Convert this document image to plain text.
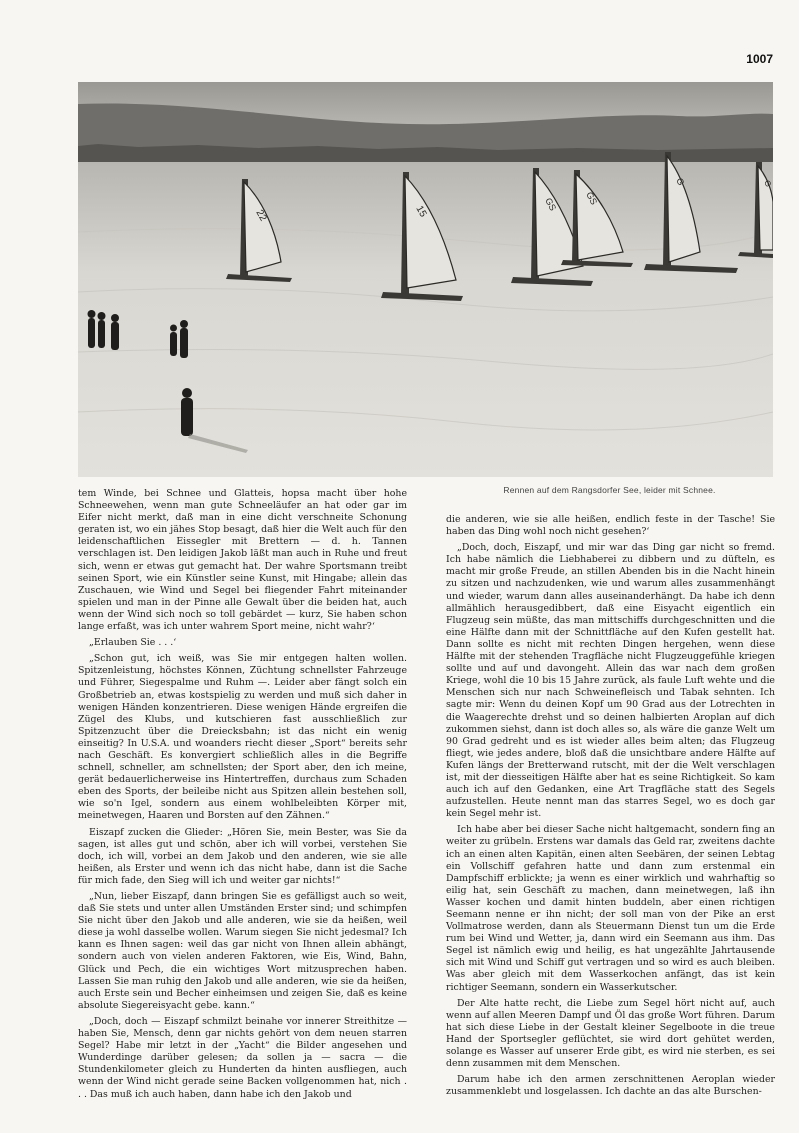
1007
22	15	GS	GS
G	G
Rennen auf dem Rangsdorfer See, leider mit Schnee.

tem Winde, bei Schnee und Glatteis, hopsa macht über hohe Schneewehen, wenn man gute Schneeläufer an hat oder gar im Eifer nicht merkt, daß man in eine dicht verschneite Schonung geraten ist, wo ein jähes Stop besagt, daß hier die Welt auch für den leidenschaftlichen Eissegler mit Brettern — d. h. Tannen verschlagen ist. Den leidigen Jakob läßt man auch in Ruhe und freut sich, wenn er etwas gut gemacht hat. Der wahre Sportsmann treibt seinen Sport, wie ein Künstler seine Kunst, mit Hingabe; allein das Zuschauen, wie Wind und Segel bei fliegender Fahrt miteinander spielen und man in der Pinne alle Gewalt über die beiden hat, auch wenn der Wind sich noch so toll gebärdet — kurz, Sie haben schon lange erfaßt, was ich unter wahrem Sport meine, nicht wahr?‘

„Erlauben Sie . . .‘

„Schon gut, ich weiß, was Sie mir entgegen halten wollen. Spitzenleistung, höchstes Können, Züchtung schnellster Fahrzeuge und Führer, Siegespalme und Ruhm —. Leider aber fängt solch ein Großbetrieb an, etwas kostspielig zu werden und muß sich daher in wenigen Händen konzentrieren. Diese wenigen Hände ergreifen die Zügel des Klubs, und kutschieren fast ausschließlich zur Spitzenzucht über die Dreiecksbahn; ist das nicht ein wenig einseitig? In U.S.A. und woanders riecht dieser „Sport“ bereits sehr nach Geschäft. Es konvergiert schließlich alles in die Begriffe schnell, schneller, am schnellsten; der Sport aber, den ich meine, gerät bedauerlicherweise ins Hintertreffen, durchaus zum Schaden eben des Sports, der beileibe nicht aus Spitzen allein bestehen soll, wie so'n Igel, sondern aus einem wohlbeleibten Körper mit, meinetwegen, Haaren und Borsten auf den Zähnen.“

Eiszapf zucken die Glieder: „Hören Sie, mein Bester, was Sie da sagen, ist alles gut und schön, aber ich will vorbei, verstehen Sie doch, ich will, vorbei an dem Jakob und den anderen, wie sie alle heißen, als Erster und wenn ich das nicht habe, dann ist die Sache für mich fade, den Sieg will ich und weiter gar nichts!“

„Nun, lieber Eiszapf, dann bringen Sie es gefälligst auch so weit, daß Sie stets und unter allen Umständen Erster sind; und schimpfen Sie nicht über den Jakob und alle anderen, wie sie da heißen, weil diese ja wohl dasselbe wollen. Warum siegen Sie nicht jedesmal? Ich kann es Ihnen sagen: weil das gar nicht von Ihnen allein abhängt, sondern auch von vielen anderen Faktoren, wie Eis, Wind, Bahn, Glück und Pech, die ein wichtiges Wort mitzusprechen haben. Lassen Sie man ruhig den Jakob und alle anderen, wie sie da heißen, auch Erste sein und Becher einheimsen und zeigen Sie, daß es keine absolute Siegereisyacht gebe. kann.“

„Doch, doch — Eiszapf schmilzt beinahe vor innerer Streithitze — haben Sie, Mensch, denn gar nichts gehört von dem neuen starren Segel? Habe mir letzt in der „Yacht“ die Bilder angesehen und Wunderdinge darüber gelesen; da sollen ja — sacra — die Stundenkilometer gleich zu Hunderten da hinten ausfliegen, auch wenn der Wind nicht gerade seine Backen vollgenommen hat, nich . . . Das muß ich auch haben, dann habe ich den Jakob und

die anderen, wie sie alle heißen, endlich feste in der Tasche! Sie haben das Ding wohl noch nicht gesehen?‘

„Doch, doch, Eiszapf, und mir war das Ding gar nicht so fremd. Ich habe nämlich die Liebhaberei zu dibbern und zu düfteln, es macht mir große Freude, an stillen Abenden bis in die Nacht hinein zu sitzen und nachzudenken, wie und warum alles zusammenhängt und wieder, warum dann alles auseinanderhängt. Da habe ich denn allmählich herausgedibbert, daß eine Eisyacht eigentlich ein Flugzeug sein müßte, das man mittschiffs durchgeschnitten und die eine Hälfte dann mit der Schnittfläche auf den Kufen gestellt hat. Dann sollte es nicht mit rechten Dingen hergehen, wenn diese Hälfte mit der stehenden Tragfläche nicht Flugzeuggefühle kriegen sollte und auf und davongeht. Allein das war nach dem großen Kriege, wohl die 10 bis 15 Jahre zurück, als faule Luft wehte und die Menschen sich nur nach Schweinefleisch und Tabak sehnten. Ich sagte mir: Wenn du deinen Kopf um 90 Grad aus der Lotrechten in die Waagerechte drehst und so deinen halbierten Aroplan auf dich zukommen siehst, dann ist doch alles so, als wäre die ganze Welt um 90 Grad gedreht und es ist wieder alles beim alten; das Flugzeug fliegt, wie jedes andere, bloß daß die unsichtbare andere Hälfte auf Kufen längs der Bretterwand rutscht, mit der die Welt verschlagen ist, mit der diesseitigen Hälfte aber hat es seine Richtigkeit. So kam auch ich auf den Gedanken, eine Art Tragfläche statt des Segels aufzustellen. Heute nennt man das starres Segel, wo es doch gar kein Segel mehr ist.

Ich habe aber bei dieser Sache nicht haltgemacht, sondern fing an weiter zu grübeln. Erstens war damals das Geld rar, zweitens dachte ich an einen alten Kapitän, einen alten Seebären, der seinen Lebtag ein Vollschiff gefahren hatte und dann zum erstenmal ein Dampfschiff erblickte; ja wenn es einer wirklich und wahrhaftig so eilig hat, sein Geschäft zu machen, dann meinetwegen, laß ihn Wasser kochen und damit hinten buddeln, aber einen richtigen Seemann nenne er ihn nicht; der soll man von der Pike an erst Vollmatrose werden, dann als Steuermann Dienst tun um die Erde rum bei Wind und Wetter, ja, dann wird ein Seemann aus ihm. Das Segel ist nämlich ewig und heilig, es hat ungezählte Jahrtausende sich mit Wind und Schiff gut vertragen und so wird es auch bleiben. Was aber gleich mit dem Wasserkochen anfängt, das ist kein richtiger Seemann, sondern ein Wasserkutscher.

Der Alte hatte recht, die Liebe zum Segel hört nicht auf, auch wenn auf allen Meeren Dampf und Öl das große Wort führen. Darum hat sich diese Liebe in der Gestalt kleiner Segelboote in die treue Hand der Sportsegler geflüchtet, sie wird dort gehütet werden, solange es Wasser auf unserer Erde gibt, es wird nie sterben, es sei denn zusammen mit dem Menschen.

Darum habe ich den armen zerschnittenen Aeroplan wieder zusammenklebt und losgelassen. Ich dachte an das alte Burschen-
